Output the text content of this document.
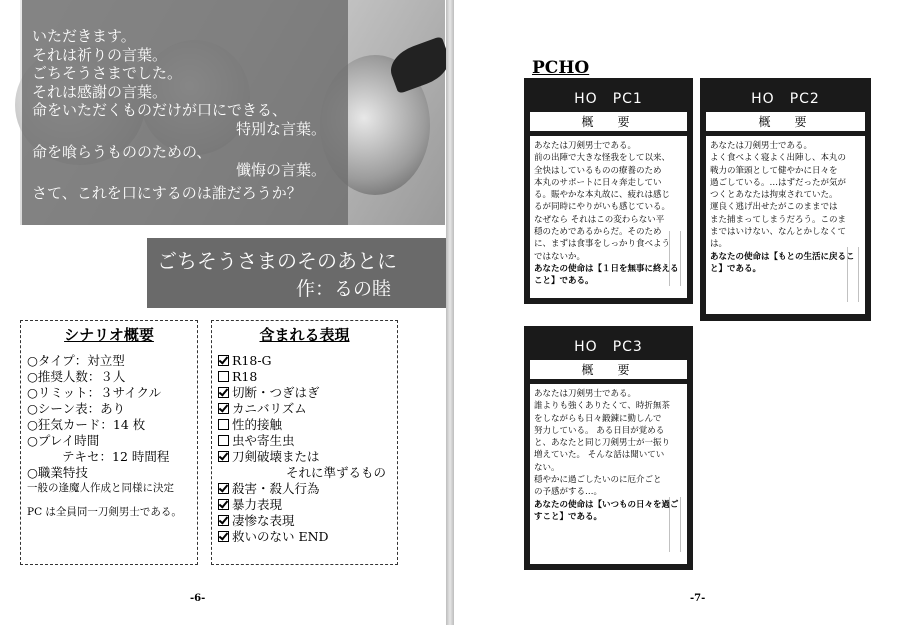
いただきます。
それは祈りの言葉。
ごちそうさまでした。
それは感謝の言葉。
命をいただくものだけが口にできる、
特別な言葉。
命を喰らうもののための、
懺悔の言葉。
さて、これを口にするのは誰だろうか？
ごちそうさまのそのあとに
作：るの睦
シナリオ概要
○タイプ：対立型
○推奨人数：３人
○リミット：３サイクル
○シーン表：あり
○狂気カード：14 枚
○プレイ時間
テキセ：12 時間程
○職業特技
一般の逢魔人作成と同様に決定
PC は全員同一刀剣男士である。
含まれる表現
R18-G
R18
切断・つぎはぎ
カニバリズム
性的接触
虫や寄生虫
刀剣破壊または
それに準ずるもの
殺害・殺人行為
暴力表現
凄惨な表現
救いのない END
-6-
PCHO
HO　PC1
概　要
あなたは刀剣男士である。
前の出陣で大きな怪我をして以来、
全快はしているものの療養のため
本丸のサポートに日々奔走してい
る。賑やかな本丸故に、疲れは感じ
るが同時にやりがいも感じている。
なぜなら それはこの変わらない平
穏のためであるからだ。そのため
に、まずは食事をしっかり食べよう
ではないか。
あなたの使命は【１日を無事に終えること】である。
HO　PC2
概　要
あなたは刀剣男士である。
よく食べよく寝よく出陣し、本丸の
戦力の筆頭として健やかに日々を
過ごしている。…はずだったが気が
つくとあなたは拘束されていた。
運良く逃げ出せたがこのままでは
また捕まってしまうだろう。このま
まではいけない、なんとかしなくて
は。
あなたの使命は【もとの生活に戻ること】である。
HO　PC3
概　要
あなたは刀剣男士である。
誰よりも強くありたくて、時折無茶
をしながらも日々鍛錬に勤しんで
努力している。 ある日目が覚める
と、あなたと同じ刀剣男士が一振り
増えていた。 そんな話は聞いてい
ない。
穏やかに過ごしたいのに厄介ごと
の予感がする…。
あなたの使命は【いつもの日々を過ごすこと】である。
-7-
